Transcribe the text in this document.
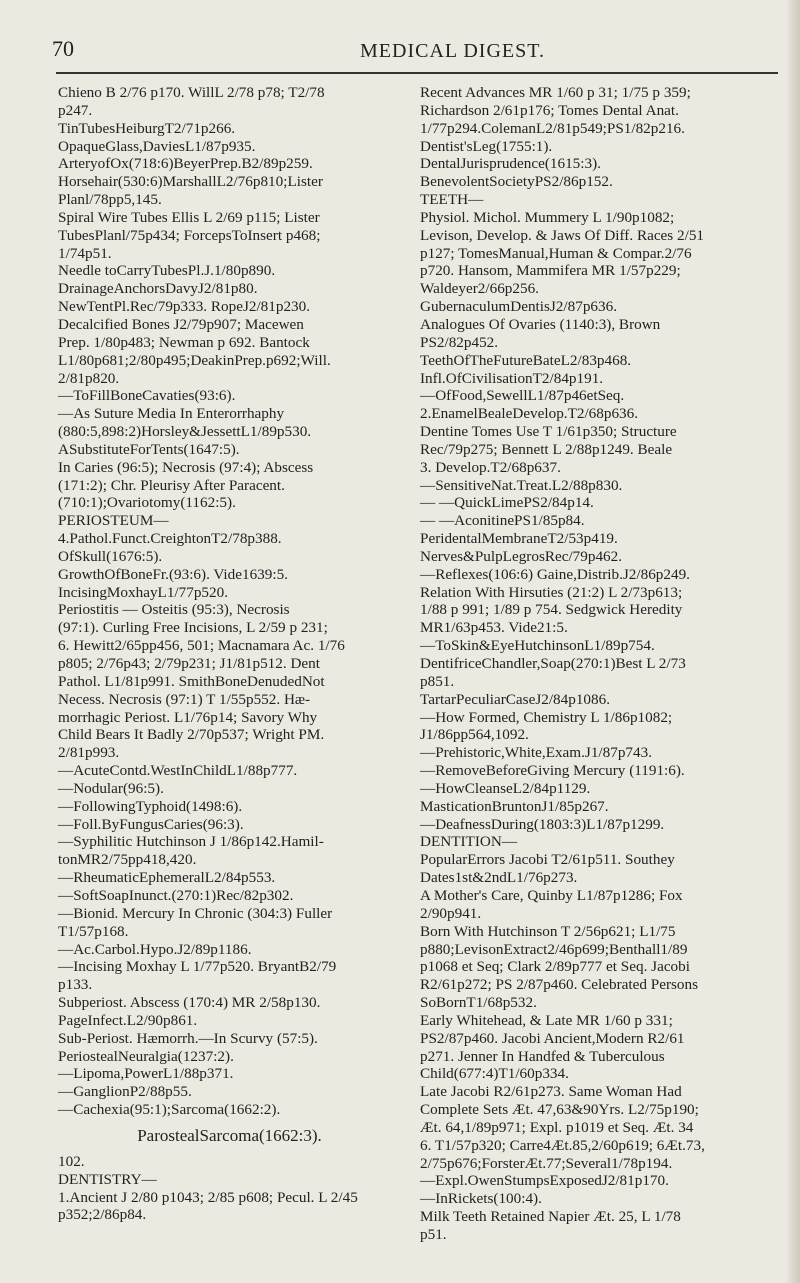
70	MEDICAL DIGEST.
Chieno B 2/76 p170. WillL 2/78 p78; T2/78
p247.
TinTubesHeiburgT2/71p266.
OpaqueGlass,DaviesL1/87p935.
ArteryofOx(718:6)BeyerPrep.B2/89p259.
Horsehair(530:6)MarshallL2/76p810;Lister
Planl/78pp5,145.
Spiral Wire Tubes Ellis L 2/69 p115; Lister
TubesPlanl/75p434; ForcepsToInsert p468;
1/74p51.
Needle toCarryTubesPl.J.1/80p890.
DrainageAnchorsDavyJ2/81p80.
NewTentPl.Rec/79p333. RopeJ2/81p230.
Decalcified Bones J2/79p907; Macewen
Prep. 1/80p483; Newman p 692. Bantock
L1/80p681;2/80p495;DeakinPrep.p692;Will.
2/81p820.
—ToFillBoneCavaties(93:6).
—As Suture Media In Enterorrhaphy
(880:5,898:2)Horsley&JessettL1/89p530.
ASubstituteForTents(1647:5).
In Caries (96:5); Necrosis (97:4); Abscess
(171:2); Chr. Pleurisy After Paracent.
(710:1);Ovariotomy(1162:5).
PERIOSTEUM—
4.Pathol.Funct.CreightonT2/78p388.
OfSkull(1676:5).
GrowthOfBoneFr.(93:6). Vide1639:5.
IncisingMoxhayL1/77p520.
Periostitis — Osteitis (95:3), Necrosis
(97:1). Curling Free Incisions, L 2/59 p 231;
6. Hewitt2/65pp456, 501; Macnamara Ac. 1/76
p805; 2/76p43; 2/79p231; J1/81p512. Dent
Pathol. L1/81p991. SmithBoneDenudedNot
Necess. Necrosis (97:1) T 1/55p552. Hæ-
morrhagic Periost. L1/76p14; Savory Why
Child Bears It Badly 2/70p537; Wright PM.
2/81p993.
—AcuteContd.WestInChildL1/88p777.
—Nodular(96:5).
—FollowingTyphoid(1498:6).
—Foll.ByFungusCaries(96:3).
—Syphilitic Hutchinson J 1/86p142.Hamil-
tonMR2/75pp418,420.
—RheumaticEphemeralL2/84p553.
—SoftSoapInunct.(270:1)Rec/82p302.
—Bionid. Mercury In Chronic (304:3) Fuller
T1/57p168.
—Ac.Carbol.Hypo.J2/89p1186.
—Incising Moxhay L 1/77p520. BryantB2/79
p133.
Subperiost. Abscess (170:4) MR 2/58p130.
PageInfect.L2/90p861.
Sub-Periost. Hæmorrh.—In Scurvy (57:5).
PeriostealNeuralgia(1237:2).
—Lipoma,PowerL1/88p371.
—GanglionP2/88p55.
—Cachexia(95:1);Sarcoma(1662:2).
ParostealSarcoma(1662:3).
102.
DENTISTRY—
1.Ancient J 2/80 p1043; 2/85 p608; Pecul. L 2/45
p352;2/86p84.
Recent Advances MR 1/60 p 31; 1/75 p 359;
Richardson 2/61p176; Tomes Dental Anat.
1/77p294.ColemanL2/81p549;PS1/82p216.
Dentist'sLeg(1755:1).
DentalJurisprudence(1615:3).
BenevolentSocietyPS2/86p152.
TEETH—
Physiol. Michol. Mummery L 1/90p1082;
Levison, Develop. & Jaws Of Diff. Races 2/51
p127; TomesManual,Human & Compar.2/76
p720. Hansom, Mammifera MR 1/57p229;
Waldeyer2/66p256.
GubernaculumDentisJ2/87p636.
Analogues Of Ovaries (1140:3), Brown
PS2/82p452.
TeethOfTheFutureBateL2/83p468.
Infl.OfCivilisationT2/84p191.
—OfFood,SewellL1/87p46etSeq.
2.EnamelBealeDevelop.T2/68p636.
Dentine Tomes Use T 1/61p350; Structure
Rec/79p275; Bennett L 2/88p1249. Beale
3. Develop.T2/68p637.
—SensitiveNat.Treat.L2/88p830.
— —QuickLimePS2/84p14.
— —AconitinePS1/85p84.
PeridentalMembraneT2/53p419.
Nerves&PulpLegrosRec/79p462.
—Reflexes(106:6) Gaine,Distrib.J2/86p249.
Relation With Hirsuties (21:2) L 2/73p613;
1/88 p 991; 1/89 p 754. Sedgwick Heredity
MR1/63p453. Vide21:5.
—ToSkin&EyeHutchinsonL1/89p754.
DentifriceChandler,Soap(270:1)Best L 2/73
p851.
TartarPeculiarCaseJ2/84p1086.
—How Formed, Chemistry L 1/86p1082;
J1/86pp564,1092.
—Prehistoric,White,Exam.J1/87p743.
—RemoveBeforeGiving Mercury (1191:6).
—HowCleanseL2/84p1129.
MasticationBruntonJ1/85p267.
—DeafnessDuring(1803:3)L1/87p1299.
DENTITION—
PopularErrors Jacobi T2/61p511. Southey
Dates1st&2ndL1/76p273.
A Mother's Care, Quinby L1/87p1286; Fox
2/90p941.
Born With Hutchinson T 2/56p621; L1/75
p880;LevisonExtract2/46p699;Benthall1/89
p1068 et Seq; Clark 2/89p777 et Seq. Jacobi
R2/61p272; PS 2/87p460. Celebrated Persons
SoBornT1/68p532.
Early Whitehead, & Late MR 1/60 p 331;
PS2/87p460. Jacobi Ancient,Modern R2/61
p271. Jenner In Handfed & Tuberculous
Child(677:4)T1/60p334.
Late Jacobi R2/61p273. Same Woman Had
Complete Sets Æt. 47,63&90Yrs. L2/75p190;
Æt. 64,1/89p971; Expl. p1019 et Seq. Æt. 34
6. T1/57p320; Carre4Æt.85,2/60p619; 6Æt.73,
2/75p676;ForsterÆt.77;Several1/78p194.
—Expl.OwenStumpsExposedJ2/81p170.
—InRickets(100:4).
Milk Teeth Retained Napier Æt. 25, L 1/78
p51.
